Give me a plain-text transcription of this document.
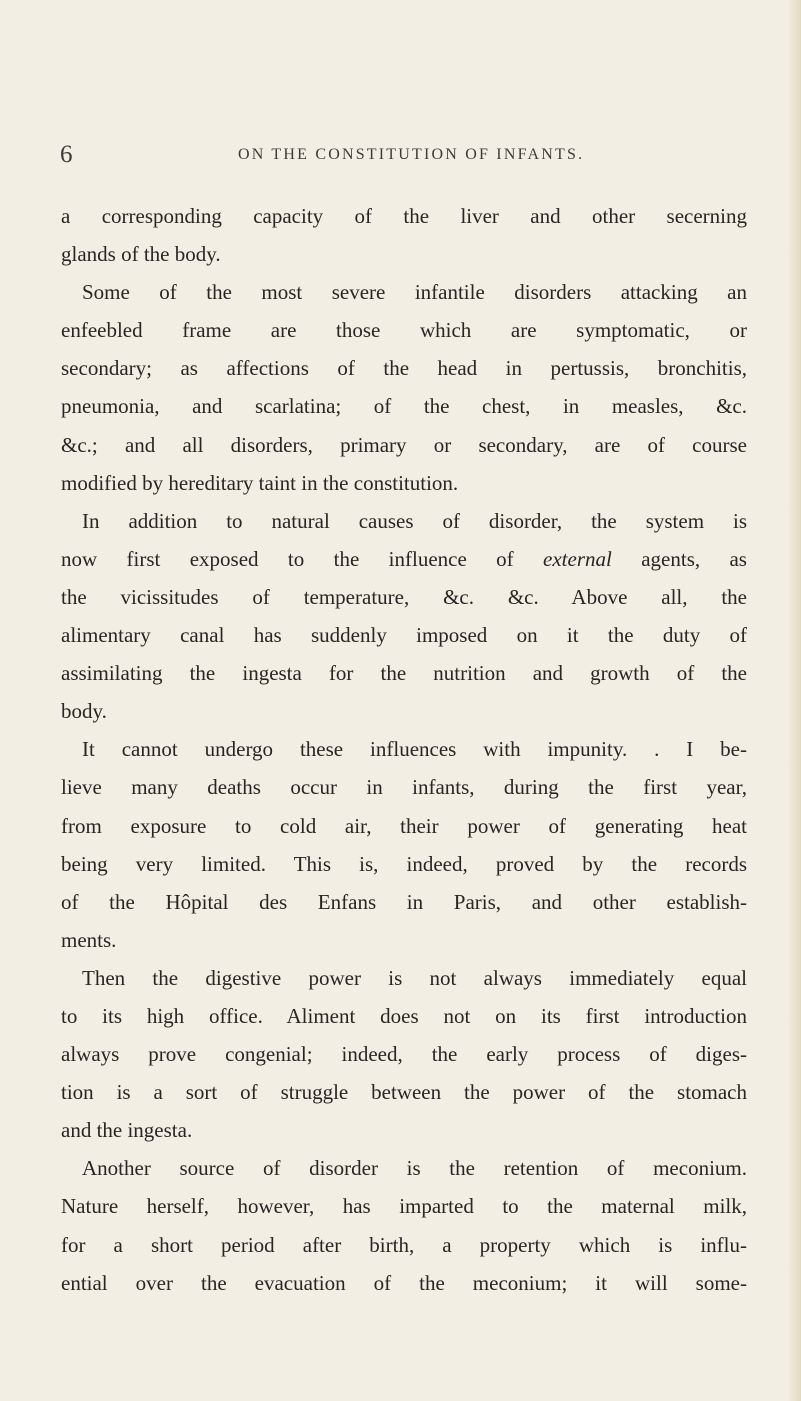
6	ON THE CONSTITUTION OF INFANTS.
a corresponding capacity of the liver and other secerning
glands of the body.
Some of the most severe infantile disorders attacking an
enfeebled frame are those which are symptomatic, or
secondary; as affections of the head in pertussis, bronchitis,
pneumonia, and scarlatina; of the chest, in measles, &c.
&c.; and all disorders, primary or secondary, are of course
modified by hereditary taint in the constitution.
In addition to natural causes of disorder, the system is
now first exposed to the influence of external agents, as
the vicissitudes of temperature, &c. &c. Above all, the
alimentary canal has suddenly imposed on it the duty of
assimilating the ingesta for the nutrition and growth of the
body.
It cannot undergo these influences with impunity. . I be-
lieve many deaths occur in infants, during the first year,
from exposure to cold air, their power of generating heat
being very limited. This is, indeed, proved by the records
of the Hôpital des Enfans in Paris, and other establish-
ments.
Then the digestive power is not always immediately equal
to its high office. Aliment does not on its first introduction
always prove congenial; indeed, the early process of diges-
tion is a sort of struggle between the power of the stomach
and the ingesta.
Another source of disorder is the retention of meconium.
Nature herself, however, has imparted to the maternal milk,
for a short period after birth, a property which is influ-
ential over the evacuation of the meconium; it will some-
